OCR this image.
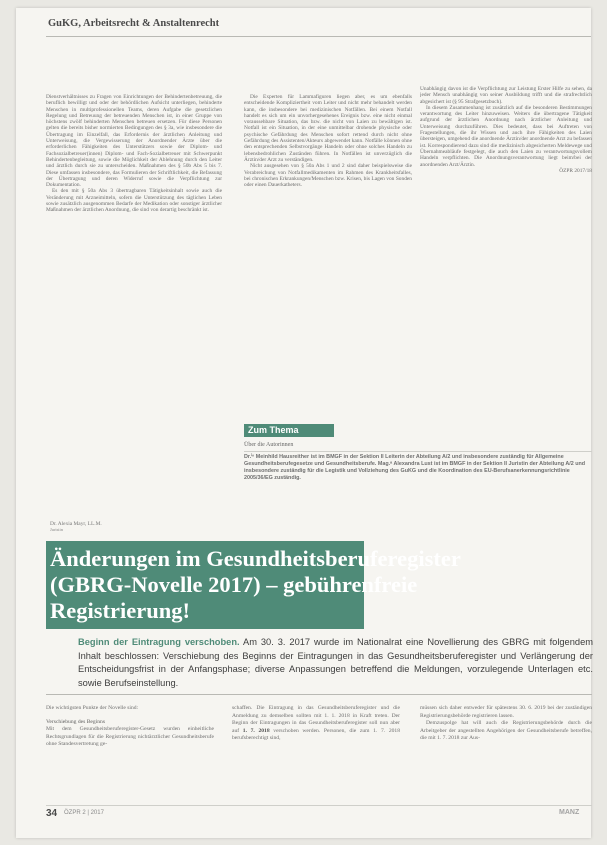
GuKG, Arbeitsrecht & Anstaltenrecht

Dienstverhältnisses zu Fragen von Einrichtungen der Behindertenbetreuung, die beruflich bewilligt und oder der behördlichen Aufsicht unterliegen, behinderte Menschen in multiprofessionellen Teams, deren Aufgabe die gesetzlichen Regelung und Betreuung der betreuenden Menschen ist, in einer Gruppe von höchstens zwölf behinderten Menschen betreuen ersetzen. Für diese Personen gelten die bereits bisher normierten Bedingungen des § 3a, wie insbesondere die Übertragung im Einzelfall, das Erfordernis der ärztlichen Anleitung und Unterweisung, die Vergewisserung der Anordnender Ärzte über die erforderlichen Fähigkeiten des Unterstützers sowie der Diplom- und Fachsozialbetreuer(innen) Diplom- und Fach-Sozialbetreuer mit Schwerpunkt Behindertenbegleitung, sowie die Möglichkeit der Ablehnung durch den Leiter und ärztlich durch sie zu unterscheiden. Maßnahmen des § 50b Abs 5 bis 7. Diese umfassen insbesondere, das Formulieren der Schriftlichkeit, die Befassung der Übertragung und deren Widerruf sowie die Verpflichtung zur Dokumentation.

Es den mit § 50a Abs 3 übertragbaren Tätigkeitsinhalt sowie auch die Veränderung mit Arzneimitteln, sofern die Unterstützung des täglichen Leben sowie zusätzlich ausgenommen Bedarfe der Medikation oder sonstiger ärztlicher Maßnahmen der ärztlichen Anordnung, die sind von derartig beschränkt ist.

Die Experten für Lammafiguren liegen aber, es um ebenfalls entscheidende Kompliziertheit vom Leiter und nicht mehr behandelt werden kann, die insbesondere bei medizinischen Notfällen. Bei einem Notfall handelt es sich um ein unvorhergesehenes Ereignis bzw. eine nicht einmal voraussehbare Situation, das bzw. die nicht von Laien zu bewältigen ist. Notfall ist ein Situation, in der eine unmittelbar drohende physische oder psychische Gefährdung des Menschen sofort rettend durch nicht ohne Gefährdung des Assistenten/Akteurs abgewendet kann. Notfälle können ohne den entsprechenden Selbstvorgänge Handeln oder ohne solches Handeln zu lebensbedrohlichen Zuständen führen. In Notfällen ist unverzüglich die Ärztin/der Arzt zu verständigen.

Nicht ausgesehen von § 50a Abs 1 und 2 sind daher beispielsweise die Verabreichung von Notfallmedikamenten im Rahmen des Krankheitsfalles, bei chronischen Erkrankungen/Menschen bzw. Krisen, bis Lagen von Sonden oder einen Dauerkatheters.

Unabhängig davon ist die Verpflichtung zur Leistung Erster Hilfe zu sehen, da jeder Mensch unabhängig von seiner Ausbildung trifft und die strafrechtlich abgesichert ist (§ 95 Strafgesetzbuch).

In diesem Zusammenhang ist zusätzlich auf die besonderen Bestimmungen verantwortung des Leiter hinzuweisen. Weiters die übertragene Tätigkeit aufgrund der ärztlichen Anordnung nach ärztlicher Anleitung und Unterweisung durchzuführen. Dies bedeutet, dass bei Auftreten von Fragestellungen, die ihr Wissen und auch ihre Fähigkeiten des Laien übersteigen, umgehend die anordnende Ärztin/der anordnende Arzt zu befassen ist. Korrespondierend dazu sind die medizinisch abgesicherten Meldewege und Übernahmeabläufe festgelegt, die auch den Laien zu verantwortungsvollem Handeln verpflichten. Die Anordnungsverantwortung liegt beim/bei der anordnenden Arzt/Ärztin.

ÖZPR 2017/18

Zum Thema
Über die Autorinnen
Dr.ⁱⁿ Meinhild Hausreither ist im BMGF in der Sektion II Leiterin der Abteilung A/2 und insbesondere zuständig für Allgemeine Gesundheitsberufegesetze und Gesundheitsberufe. Mag.ᵃ Alexandra Lust ist im BMGF in der Sektion II Juristin der Abteilung A/2 und insbesondere zuständig für die Legistik und Vollziehung des GuKG und die Koordination des EU-Berufsanerkennungsrichtlinie 2005/36/EG zuständig.
Dr. Alexia Mayr, LL.M.
Juristin
Änderungen im Gesundheitsberuferegister
(GBRG-Novelle 2017) – gebührenfreie
Registrierung!
Beginn der Eintragung verschoben. Am 30. 3. 2017 wurde im Nationalrat eine Novellierung des GBRG mit folgendem Inhalt beschlossen: Verschiebung des Beginns der Eintragungen in das Gesundheitsberuferegister und Verlängerung der Entscheidungsfrist in der Anfangsphase; diverse Anpassungen betreffend die Meldungen, vorzulegende Unterlagen etc. sowie Berufseinstellung.
Die wichtigsten Punkte der Novelle sind:
Verschiebung des Beginns
Mit dem Gesundheitsberuferegister-Gesetz wurden einheitliche Rechtsgrundlagen für die Registrierung nichtärztlicher Gesundheitsberufe ohne Standesvertretung ge-
schaffen. Die Eintragung in das Gesundheitsberuferegister und die Anmeldung zu demselben sollten mit 1. 1. 2018 in Kraft treten. Der Beginn der Eintragungen in das Gesundheitsberuferegister soll nun aber auf 1. 7. 2018 verschoben werden. Personen, die zum 1. 7. 2018 berufsberechtigt sind,
müssen sich daher entweder für spätestens 30. 6. 2019 bei der zuständigen Registrierungsbehörde registrieren lassen.
Demzuspolge hat will auch die Registrierungsbehörde durch die Arbeitgeber der angestellten Angehörigen der Gesundheitsberufe betreffen, die mit 1. 7. 2018 zur Aus-
34 ÖZPR 2 | 2017	MANZ
